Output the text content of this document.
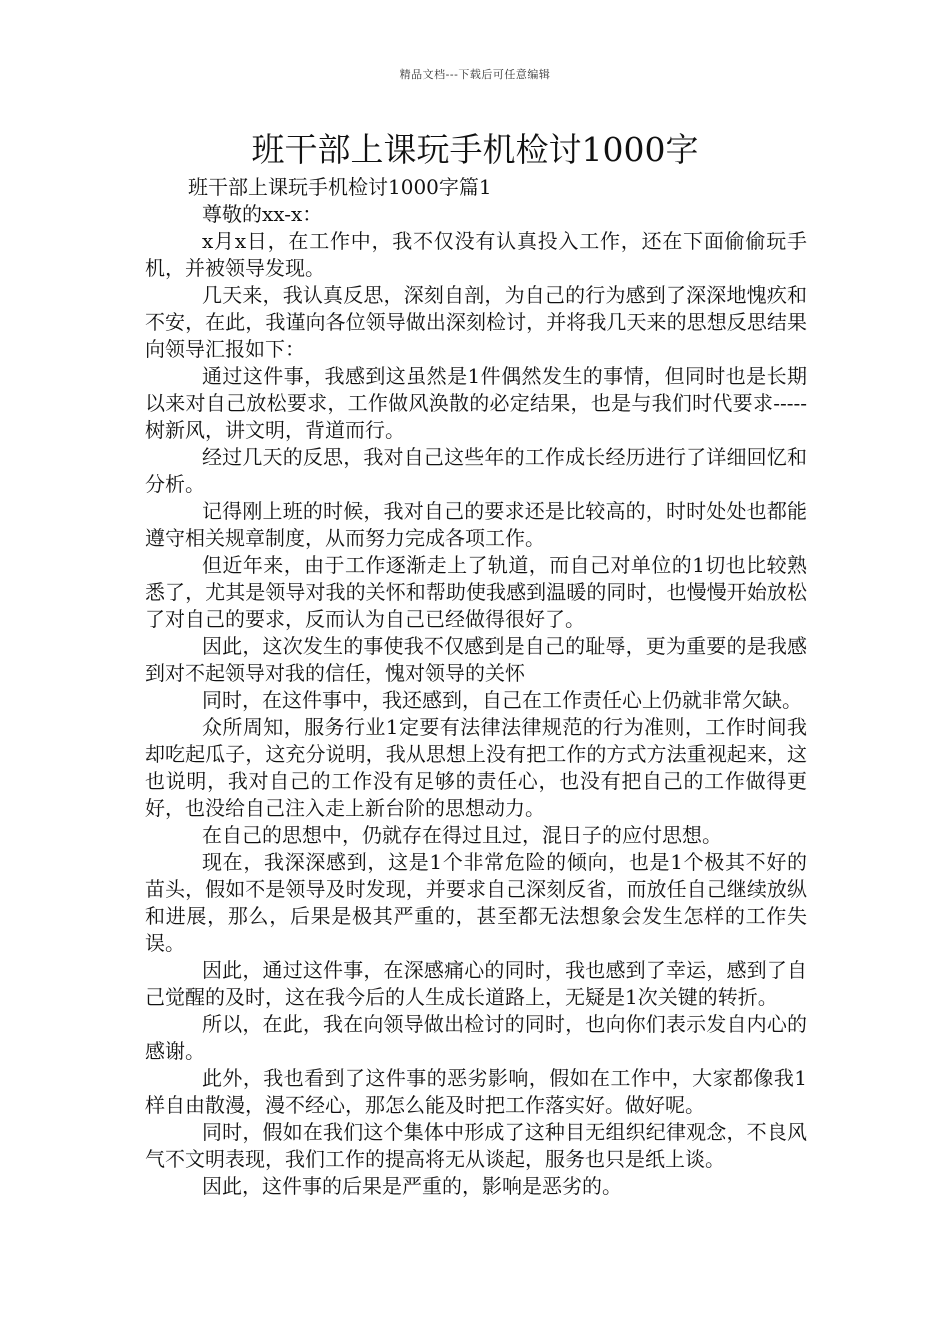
精品文档---下载后可任意编辑
班干部上课玩手机检讨1000字

班干部上课玩手机检讨1000字篇1

尊敬的xx-x：

x月x日，在工作中，我不仅没有认真投入工作，还在下面偷偷玩手机，并被领导发现。

几天来，我认真反思，深刻自剖，为自己的行为感到了深深地愧疚和不安，在此，我谨向各位领导做出深刻检讨，并将我几天来的思想反思结果向领导汇报如下：

通过这件事，我感到这虽然是1件偶然发生的事情，但同时也是长期以来对自己放松要求，工作做风涣散的必定结果，也是与我们时代要求-----树新风，讲文明，背道而行。

经过几天的反思，我对自己这些年的工作成长经历进行了详细回忆和分析。

记得刚上班的时候，我对自己的要求还是比较高的，时时处处也都能遵守相关规章制度，从而努力完成各项工作。

但近年来，由于工作逐渐走上了轨道，而自己对单位的1切也比较熟悉了，尤其是领导对我的关怀和帮助使我感到温暖的同时，也慢慢开始放松了对自己的要求，反而认为自己已经做得很好了。

因此，这次发生的事使我不仅感到是自己的耻辱，更为重要的是我感到对不起领导对我的信任，愧对领导的关怀

同时，在这件事中，我还感到，自己在工作责任心上仍就非常欠缺。

众所周知，服务行业1定要有法律法律规范的行为准则，工作时间我却吃起瓜子，这充分说明，我从思想上没有把工作的方式方法重视起来，这也说明，我对自己的工作没有足够的责任心，也没有把自己的工作做得更好，也没给自己注入走上新台阶的思想动力。

在自己的思想中，仍就存在得过且过，混日子的应付思想。

现在，我深深感到，这是1个非常危险的倾向，也是1个极其不好的苗头，假如不是领导及时发现，并要求自己深刻反省，而放任自己继续放纵和进展，那么，后果是极其严重的，甚至都无法想象会发生怎样的工作失误。

因此，通过这件事，在深感痛心的同时，我也感到了幸运，感到了自己觉醒的及时，这在我今后的人生成长道路上，无疑是1次关键的转折。

所以，在此，我在向领导做出检讨的同时，也向你们表示发自内心的感谢。

此外，我也看到了这件事的恶劣影响，假如在工作中，大家都像我1样自由散漫，漫不经心，那怎么能及时把工作落实好。做好呢。

同时，假如在我们这个集体中形成了这种目无组织纪律观念，不良风气不文明表现，我们工作的提高将无从谈起，服务也只是纸上谈。

因此，这件事的后果是严重的，影响是恶劣的。
